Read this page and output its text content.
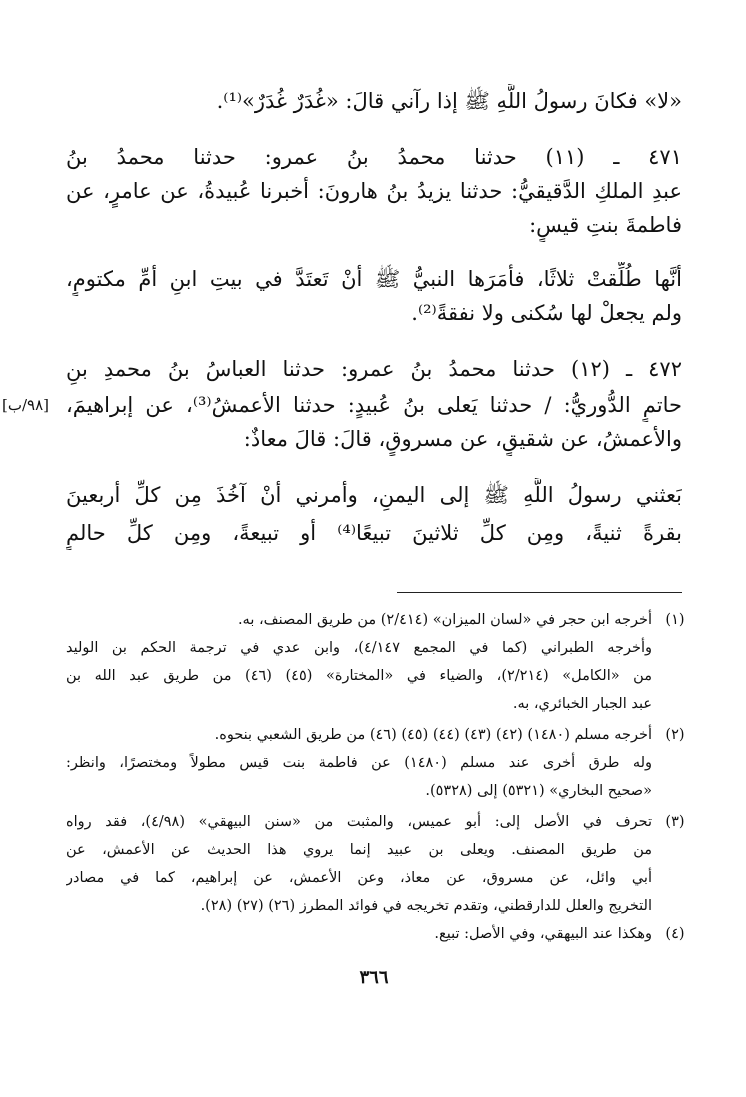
«لا» فكانَ رسولُ اللَّهِ ﷺ إذا رآني قالَ: «غُدَرٌ غُدَرٌ»⁽¹⁾.
٤٧١ ـ (١١) حدثنا محمدُ بنُ عمرو: حدثنا محمدُ بنُ
عبدِ الملكِ الدَّقيقيُّ: حدثنا يزيدُ بنُ هارونَ: أخبرنا عُبيدةُ، عن عامرٍ، عن
فاطمةَ بنتِ قيسٍ:
أنَّها طُلِّقتْ ثلاثًا، فأمَرَها النبيُّ ﷺ أنْ تَعتَدَّ في بيتِ ابنِ أمِّ مكتومٍ،
ولم يجعلْ لها سُكنى ولا نفقةً⁽²⁾.
٤٧٢ ـ (١٢) حدثنا محمدُ بنُ عمرو: حدثنا العباسُ بنُ محمدِ بنِ
حاتمٍ الدُّوريُّ: / حدثنا يَعلى بنُ عُبيدٍ: حدثنا الأعمشُ⁽³⁾، عن إبراهيمَ،
[٩٨/ب]
والأعمشُ، عن شقيقٍ، عن مسروقٍ، قالَ: قالَ معاذٌ:
بَعثني رسولُ اللَّهِ ﷺ إلى اليمنِ، وأمرني أنْ آخُذَ مِن كلِّ أربعينَ
بقرةً ثنيةً، ومِن كلِّ ثلاثينَ تبيعًا⁽⁴⁾ أو تبيعةً، ومِن كلِّ حالمٍ
(١)
أخرجه ابن حجر في «لسان الميزان» (٢/٤١٤) من طريق المصنف، به.
وأخرجه الطبراني (كما في المجمع ٤/١٤٧)، وابن عدي في ترجمة الحكم بن الوليد
من «الكامل» (٢/٢١٤)، والضياء في «المختارة» (٤٥) (٤٦) من طريق عبد الله بن
عبد الجبار الخبائري، به.
(٢)
أخرجه مسلم (١٤٨٠) (٤٢) (٤٣) (٤٤) (٤٥) (٤٦) من طريق الشعبي بنحوه.
وله طرق أخرى عند مسلم (١٤٨٠) عن فاطمة بنت قيس مطولاً ومختصرًا، وانظر:
«صحيح البخاري» (٥٣٢١) إلى (٥٣٢٨).
(٣)
تحرف في الأصل إلى: أبو عميس، والمثبت من «سنن البيهقي» (٤/٩٨)، فقد رواه
من طريق المصنف. ويعلى بن عبيد إنما يروي هذا الحديث عن الأعمش، عن
أبي وائل، عن مسروق، عن معاذ، وعن الأعمش، عن إبراهيم، كما في مصادر
التخريج والعلل للدارقطني، وتقدم تخريجه في فوائد المطرز (٢٦) (٢٧) (٢٨).
(٤)
وهكذا عند البيهقي، وفي الأصل: تبيع.
٣٦٦
